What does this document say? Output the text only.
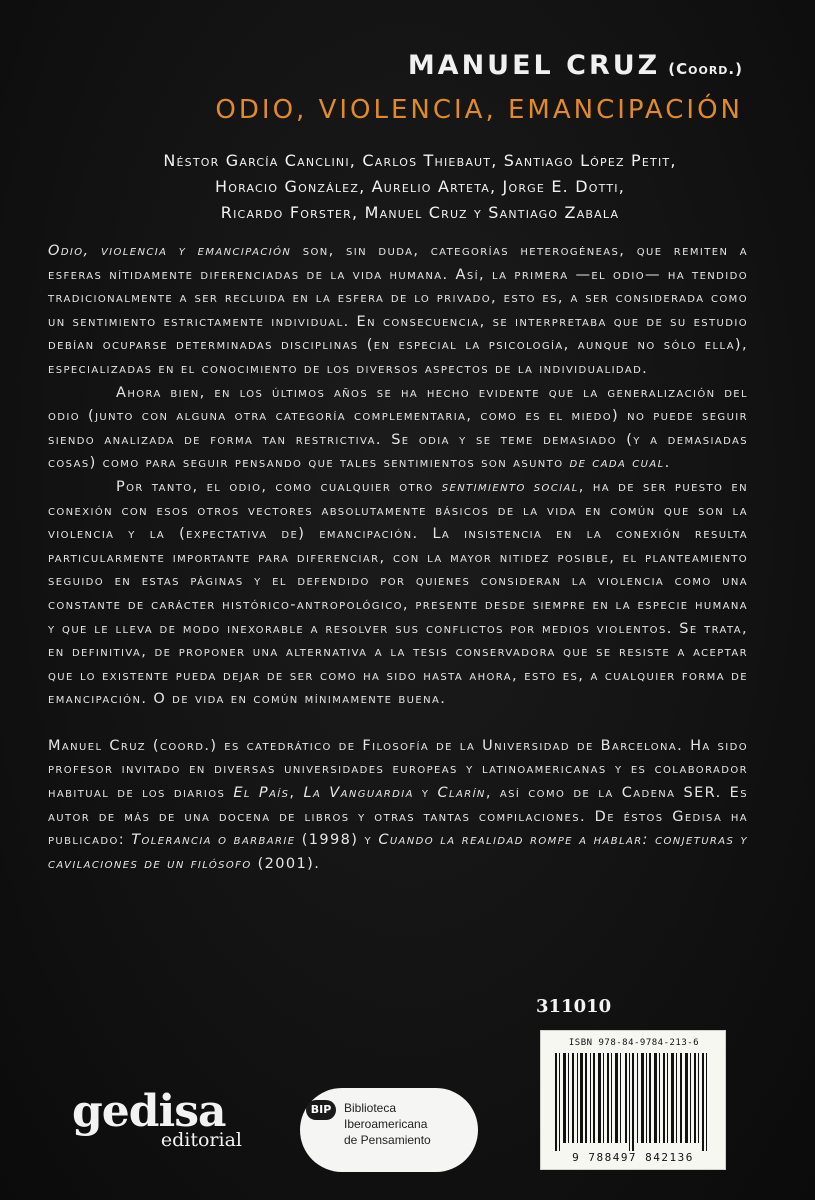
MANUEL CRUZ (Coord.)
ODIO, VIOLENCIA, EMANCIPACIÓN
Néstor García Canclini, Carlos Thiebaut, Santiago López Petit,
Horacio González, Aurelio Arteta, Jorge E. Dotti,
Ricardo Forster, Manuel Cruz y Santiago Zabala

Odio, violencia y emancipación son, sin duda, categorías heterogéneas, que remiten a esferas nítidamente diferenciadas de la vida humana. Así, la primera —el odio— ha tendido tradicionalmente a ser recluida en la esfera de lo privado, esto es, a ser considerada como un sentimiento estrictamente individual. En consecuencia, se interpretaba que de su estudio debían ocuparse determinadas disciplinas (en especial la psicología, aunque no sólo ella), especializadas en el conocimiento de los diversos aspectos de la individualidad.

Ahora bien, en los últimos años se ha hecho evidente que la generalización del odio (junto con alguna otra categoría complementaria, como es el miedo) no puede seguir siendo analizada de forma tan restrictiva. Se odia y se teme demasiado (y a demasiadas cosas) como para seguir pensando que tales sentimientos son asunto de cada cual.

Por tanto, el odio, como cualquier otro sentimiento social, ha de ser puesto en conexión con esos otros vectores absolutamente básicos de la vida en común que son la violencia y la (expectativa de) emancipación. La insistencia en la conexión resulta particularmente importante para diferenciar, con la mayor nitidez posible, el planteamiento seguido en estas páginas y el defendido por quienes consideran la violencia como una constante de carácter histórico-antropológico, presente desde siempre en la especie humana y que le lleva de modo inexorable a resolver sus conflictos por medios violentos. Se trata, en definitiva, de proponer una alternativa a la tesis conservadora que se resiste a aceptar que lo existente pueda dejar de ser como ha sido hasta ahora, esto es, a cualquier forma de emancipación. O de vida en común mínimamente buena.

Manuel Cruz (coord.) es catedrático de Filosofía de la Universidad de Barcelona. Ha sido profesor invitado en diversas universidades europeas y latinoamericanas y es colaborador habitual de los diarios El País, La Vanguardia y Clarín, así como de la Cadena SER. Es autor de más de una docena de libros y otras tantas compilaciones. De éstos Gedisa ha publicado: Tolerancia o barbarie (1998) y Cuando la realidad rompe a hablar: conjeturas y cavilaciones de un filósofo (2001).

311010
ISBN 978-84-9784-213-6
9 788497 842136
gedisa
editorial
BIP	Biblioteca
Iberoamericana
de Pensamiento
